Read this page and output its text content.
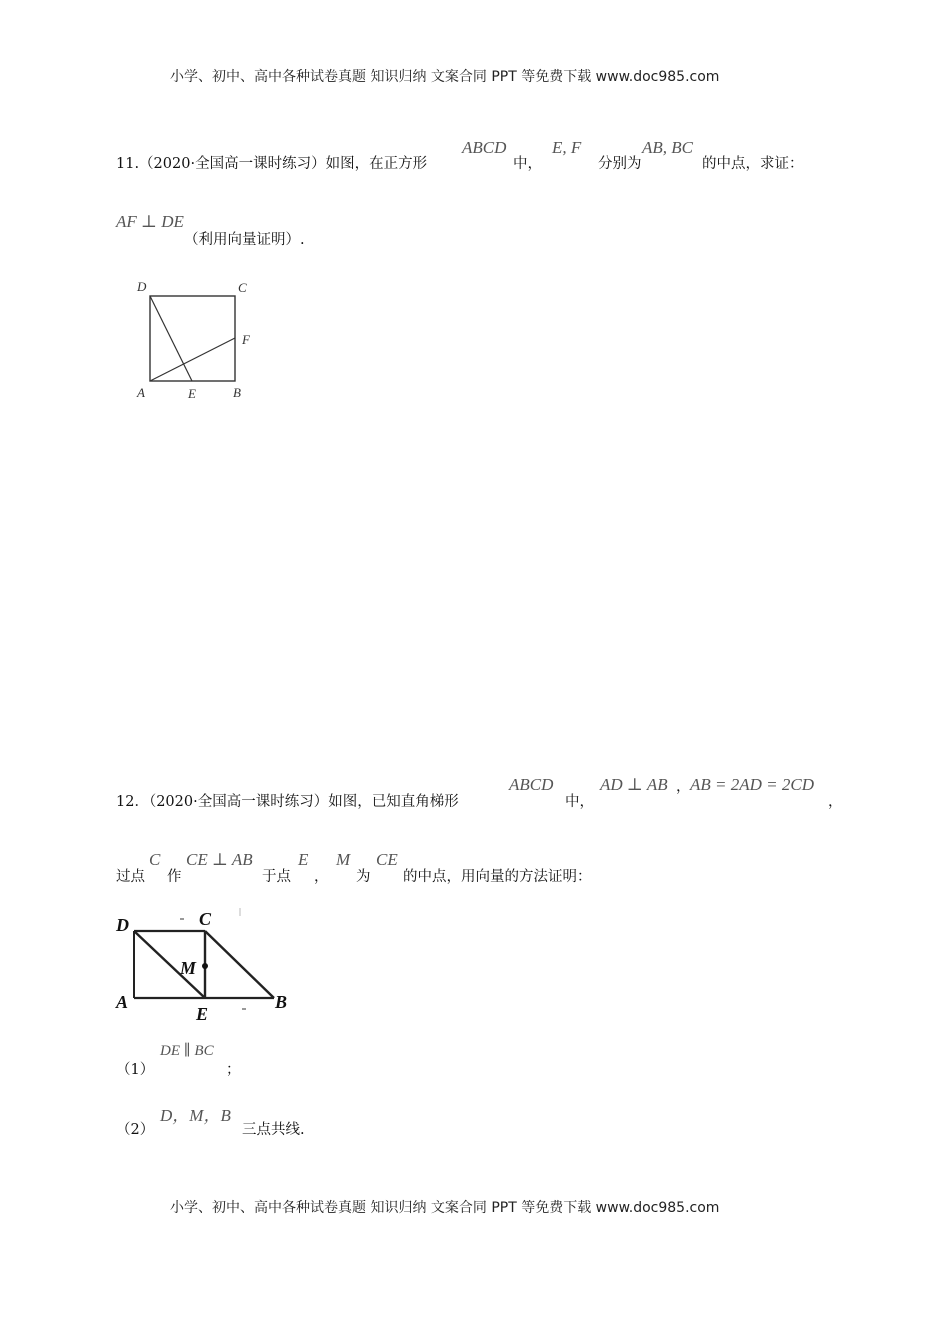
小学、初中、高中各种试卷真题 知识归纳 文案合同 PPT 等免费下载 www.doc985.com
11.（2020·全国高一课时练习）如图，在正方形
ABCD
中，
E, F
分别为
AB, BC
的中点，求证：
AF ⊥ DE
（利用向量证明）.
D	C
F
A	E	B
12．（2020·全国高一课时练习）如图，已知直角梯形
ABCD
中，
AD ⊥ AB ， AB = 2AD = 2CD
，
过点
C
作
CE ⊥ AB
于点
E
，
M
为
CE
的中点，用向量的方法证明：
D	C
M
A
E
B
（1）
DE ∥ BC
；
（2）
D，M，B
三点共线.
小学、初中、高中各种试卷真题 知识归纳 文案合同 PPT 等免费下载 www.doc985.com
